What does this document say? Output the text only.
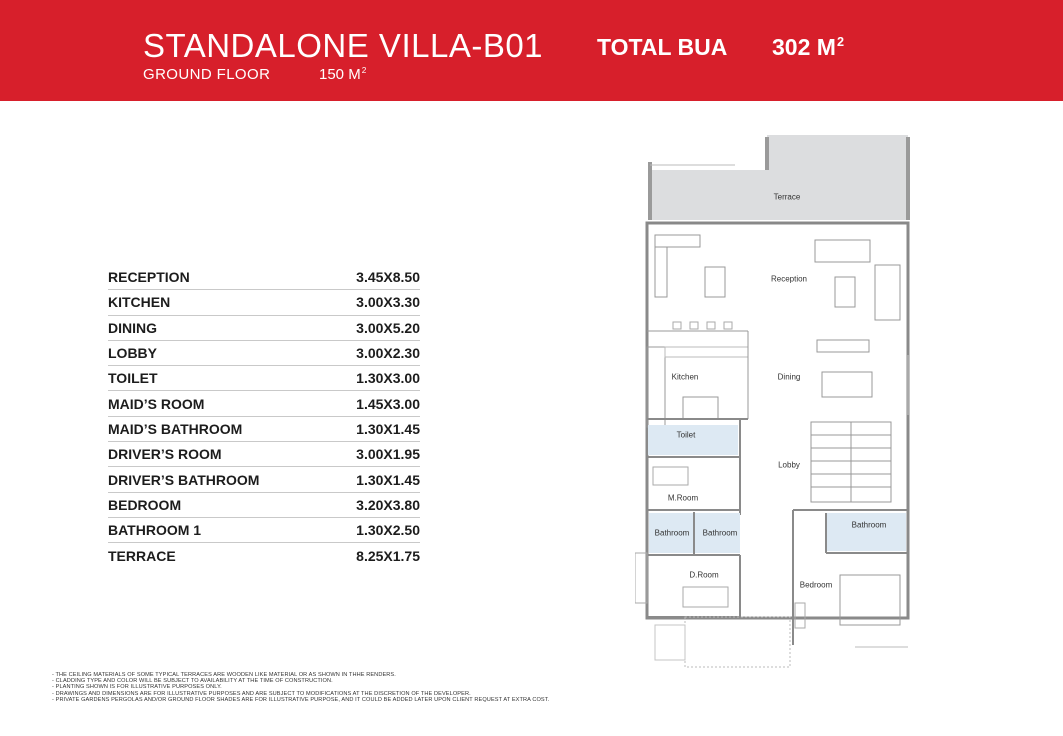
STANDALONE VILLA-B01
GROUND FLOOR	150 $M^2$
TOTAL BUA 302 $M^2$
RECEPTION	3.45X8.50
KITCHEN	3.00X3.30
DINING	3.00X5.20
LOBBY	3.00X2.30
TOILET	1.30X3.00
MAID’S ROOM	1.45X3.00
MAID’S BATHROOM	1.30X1.45
DRIVER’S ROOM	3.00X1.95
DRIVER’S BATHROOM	1.30X1.45
BEDROOM	3.20X3.80
BATHROOM 1	1.30X2.50
TERRACE	8.25X1.75
Terrace
Reception
Kitchen	Dining
Toilet
Lobby
M.Room
Bathroom Bathroom
Bathroom
D.Room
Bedroom
- THE CEILING MATERIALS OF SOME TYPICAL TERRACES ARE WOODEN LIKE MATERIAL OR AS SHOWN IN THHE RENDERS.
- CLADDING TYPE AND COLOR WILL BE SUBJECT TO AVAILABILITY AT THE TIME OF CONSTRUCTION.
- PLANTING SHOWN IS FOR ILLUSTRATIVE PURPOSES ONLY.
- DRAWINGS AND DIMENSIONS ARE FOR ILLUSTRATIVE PURPOSES AND ARE SUBJECT TO MODIFICATIONS AT THE DISCRETION OF THE DEVELOPER.
- PRIVATE GARDENS PERGOLAS AND/OR GROUND FLOOR SHADES ARE FOR ILLUSTRATIVE PURPOSE, AND IT COULD BE ADDED LATER UPON CLIENT REQUEST AT EXTRA COST.
